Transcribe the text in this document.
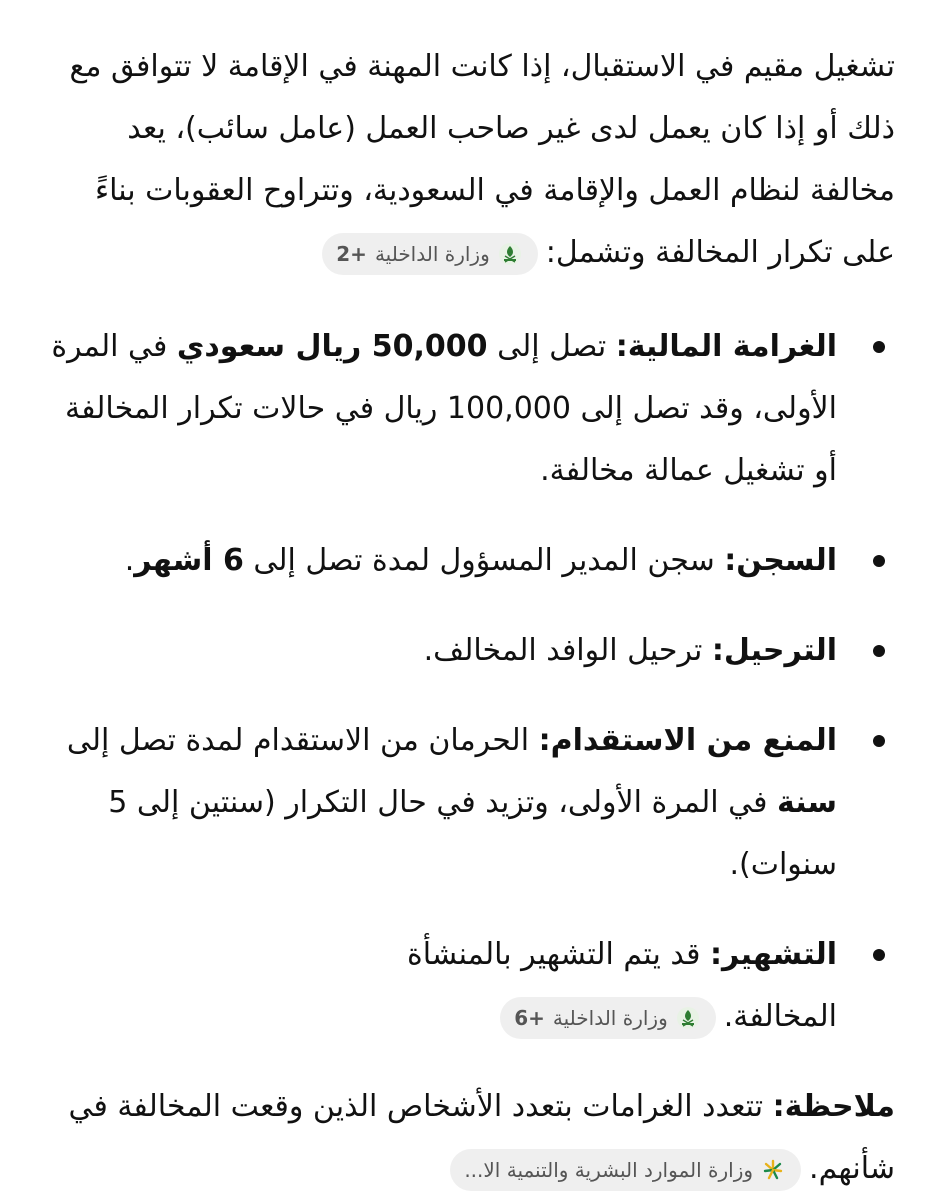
تشغيل مقيم في الاستقبال، إذا كانت المهنة في الإقامة لا تتوافق مع ذلك أو إذا كان يعمل لدى غير صاحب العمل (عامل سائب)، يعد مخالفة لنظام العمل والإقامة في السعودية، وتتراوح العقوبات بناءً على تكرار المخالفة وتشمل:
وزارة الداخلية
+2

الغرامة المالية: تصل إلى 50,000 ريال سعودي في المرة الأولى، وقد تصل إلى 100,000 ريال في حالات تكرار المخالفة أو تشغيل عمالة مخالفة.
السجن: سجن المدير المسؤول لمدة تصل إلى 6 أشهر.
الترحيل: ترحيل الوافد المخالف.
المنع من الاستقدام: الحرمان من الاستقدام لمدة تصل إلى سنة في المرة الأولى، وتزيد في حال التكرار (سنتين إلى 5 سنوات).
التشهير: قد يتم التشهير بالمنشأة المخالفة.
وزارة الداخلية
+6

ملاحظة: تتعدد الغرامات بتعدد الأشخاص الذين وقعت المخالفة في شأنهم.
وزارة الموارد البشرية والتنمية الا...
